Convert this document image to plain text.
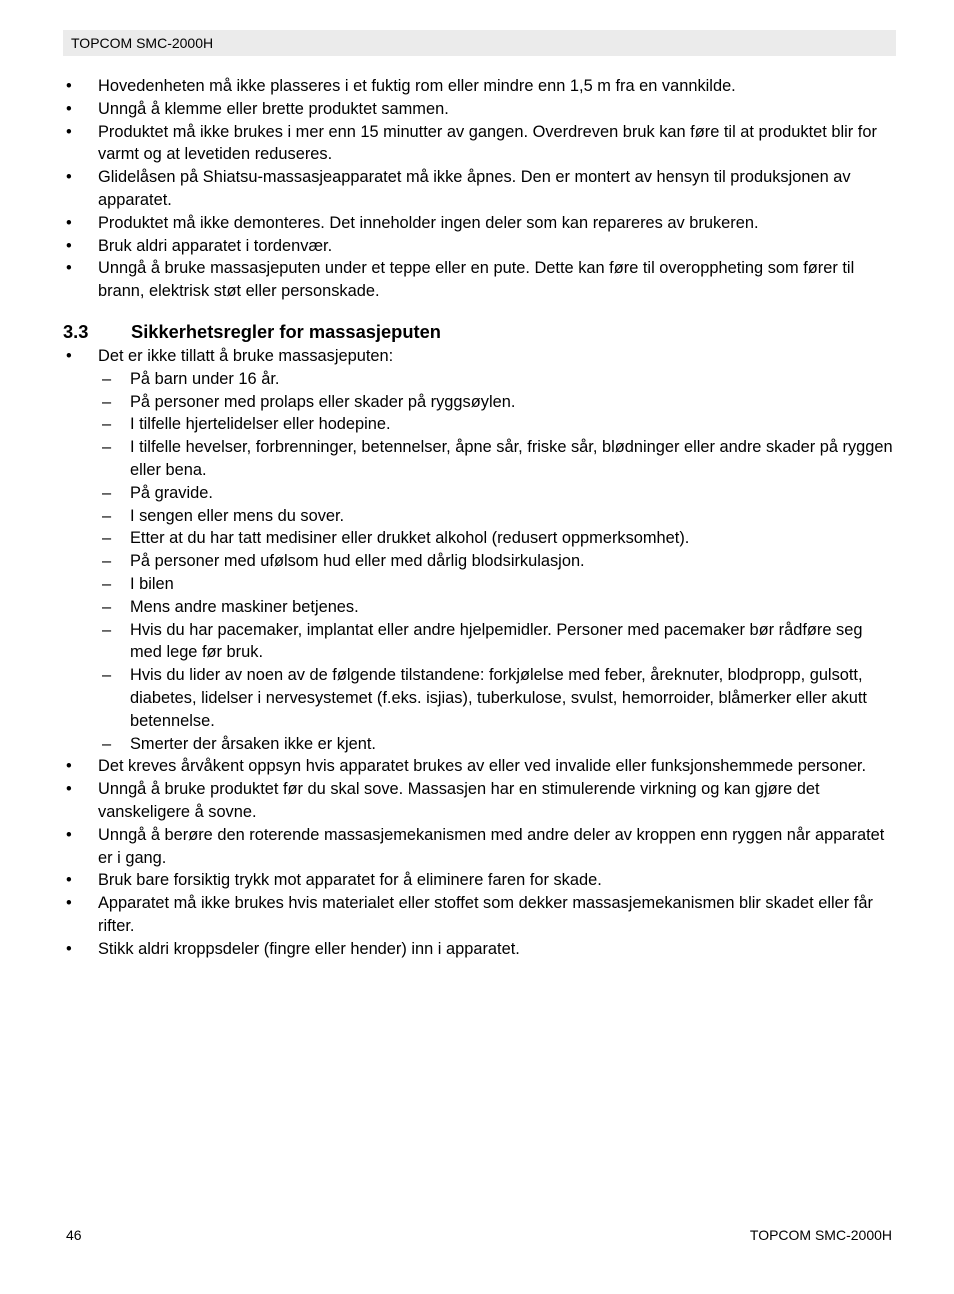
TOPCOM SMC-2000H
• Hovedenheten må ikke plasseres i et fuktig rom eller mindre enn 1,5 m fra en vannkilde.
• Unngå å klemme eller brette produktet sammen.
• Produktet må ikke brukes i mer enn 15 minutter av gangen. Overdreven bruk kan føre til at produktet blir for varmt og at levetiden reduseres.
• Glidelåsen på Shiatsu-massasjeapparatet må ikke åpnes. Den er montert av hensyn til produksjonen av apparatet.
• Produktet må ikke demonteres. Det inneholder ingen deler som kan repareres av brukeren.
• Bruk aldri apparatet i tordenvær.
• Unngå å bruke massasjeputen under et teppe eller en pute. Dette kan føre til overoppheting som fører til brann, elektrisk støt eller personskade.
3.3 Sikkerhetsregler for massasjeputen
• Det er ikke tillatt å bruke massasjeputen:
– På barn under 16 år.
– På personer med prolaps eller skader på ryggsøylen.
– I tilfelle hjertelidelser eller hodepine.
– I tilfelle hevelser, forbrenninger, betennelser, åpne sår, friske sår, blødninger eller andre skader på ryggen eller bena.
– På gravide.
– I sengen eller mens du sover.
– Etter at du har tatt medisiner eller drukket alkohol (redusert oppmerksomhet).
– På personer med ufølsom hud eller med dårlig blodsirkulasjon.
– I bilen
– Mens andre maskiner betjenes.
– Hvis du har pacemaker, implantat eller andre hjelpemidler. Personer med pacemaker bør rådføre seg med lege før bruk.
– Hvis du lider av noen av de følgende tilstandene: forkjølelse med feber, åreknuter, blodpropp, gulsott, diabetes, lidelser i nervesystemet (f.eks. isjias), tuberkulose, svulst, hemorroider, blåmerker eller akutt betennelse.
– Smerter der årsaken ikke er kjent.
• Det kreves årvåkent oppsyn hvis apparatet brukes av eller ved invalide eller funksjonshemmede personer.
• Unngå å bruke produktet før du skal sove. Massasjen har en stimulerende virkning og kan gjøre det vanskeligere å sovne.
• Unngå å berøre den roterende massasjemekanismen med andre deler av kroppen enn ryggen når apparatet er i gang.
• Bruk bare forsiktig trykk mot apparatet for å eliminere faren for skade.
• Apparatet må ikke brukes hvis materialet eller stoffet som dekker massasjemekanismen blir skadet eller får rifter.
• Stikk aldri kroppsdeler (fingre eller hender) inn i apparatet.
46	TOPCOM SMC-2000H
